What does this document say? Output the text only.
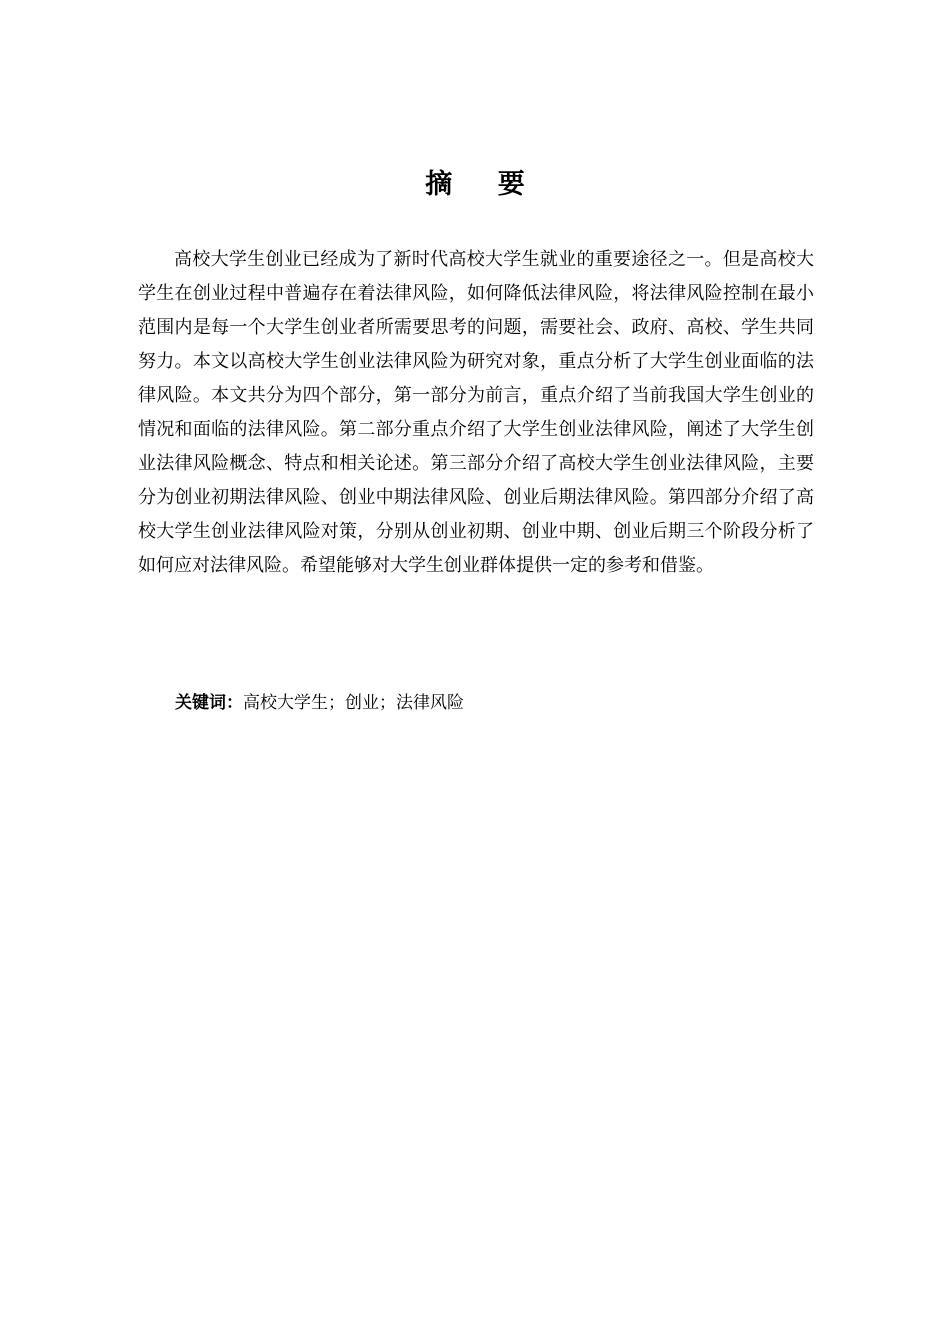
摘 要

高校大学生创业已经成为了新时代高校大学生就业的重要途径之一。但是高校大学生在创业过程中普遍存在着法律风险，如何降低法律风险，将法律风险控制在最小范围内是每一个大学生创业者所需要思考的问题，需要社会、政府、高校、学生共同努力。本文以高校大学生创业法律风险为研究对象，重点分析了大学生创业面临的法律风险。本文共分为四个部分，第一部分为前言，重点介绍了当前我国大学生创业的情况和面临的法律风险。第二部分重点介绍了大学生创业法律风险，阐述了大学生创业法律风险概念、特点和相关论述。第三部分介绍了高校大学生创业法律风险，主要分为创业初期法律风险、创业中期法律风险、创业后期法律风险。第四部分介绍了高校大学生创业法律风险对策，分别从创业初期、创业中期、创业后期三个阶段分析了如何应对法律风险。希望能够对大学生创业群体提供一定的参考和借鉴。

关键词：高校大学生；创业；法律风险
